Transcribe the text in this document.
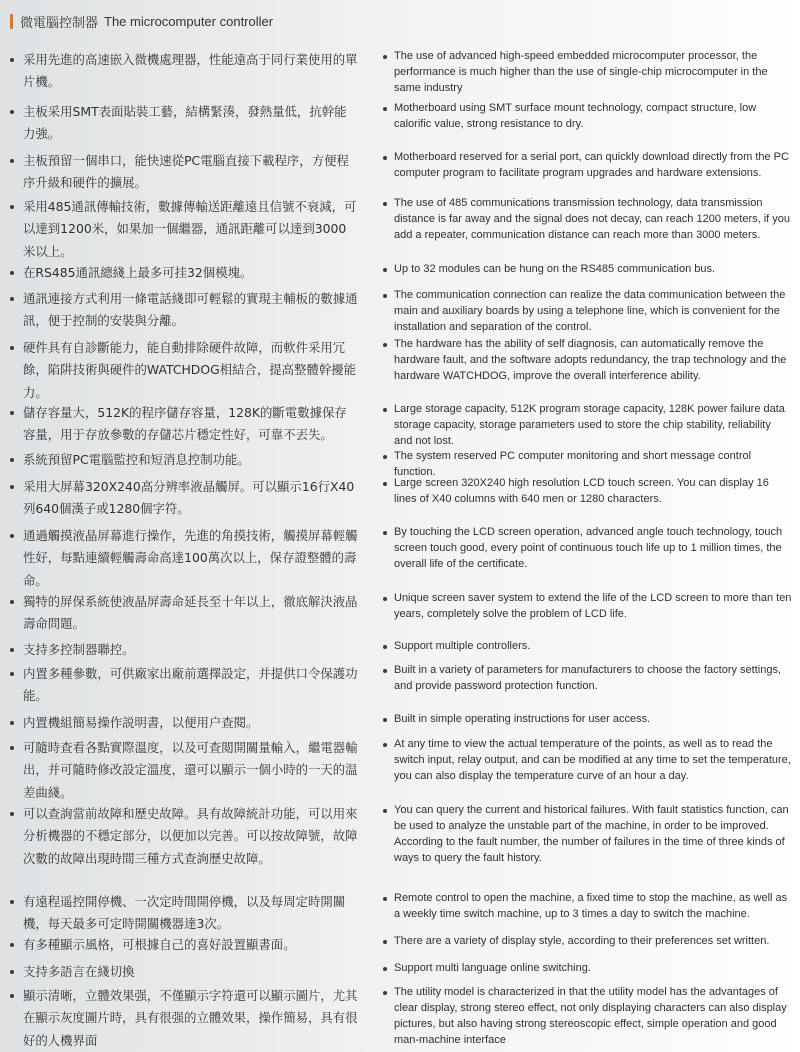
微電腦控制器 The microcomputer controller
采用先進的高速嵌入微機處理器，性能遠高于同行業使用的單片機。
主板采用SMT表面貼裝工藝，結構緊湊，發熱量低，抗幹能力強。
主板預留一個串口，能快速從PC電腦直接下載程序，方便程序升級和硬件的擴展。
采用485通訊傳輸技術，數據傳輸送距離遠且信號不衰減，可以達到1200米，如果加一個繼器，通訊距離可以達到3000米以上。
在RS485通訊總綫上最多可挂32個模塊。
通訊連接方式利用一條電話綫即可輕鬆的實現主輔板的數據通訊，便于控制的安裝與分離。
硬件具有自診斷能力，能自動排除硬件故障，而軟件采用冗餘，陷阱技術與硬件的WATCHDOG相結合，提高整體幹擾能力。
儲存容量大，512K的程序儲存容量，128K的斷電數據保存容量，用于存放參數的存儲芯片穩定性好，可靠不丟失。
系統預留PC電腦監控和短消息控制功能。
采用大屏幕320X240高分辨率液晶觸屏。可以顯示16行X40列640個漢子或1280個字符。
通過觸摸液晶屏幕進行操作，先進的角摸技術，觸摸屏幕輕觸性好，每點連續輕觸壽命高達100萬次以上，保存證整體的壽命。
獨特的屏保系統使液晶屏壽命延長至十年以上，徹底解決液晶壽命問題。
支持多控制器聯控。
内置多種參數，可供廠家出廠前選擇設定，并提供口令保護功能。
内置機組簡易操作説明書，以便用户查閱。
可隨時查看各點實際溫度，以及可查閲開關量輸入，繼電器輸出，并可隨時修改設定溫度，還可以顯示一個小時的一天的温差曲綫。
可以查詢當前故障和歷史故障。具有故障統計功能，可以用來分析機器的不穩定部分，以便加以完善。可以按故障號，故障次數的故障出現時間三種方式查詢歷史故障。
有遠程遥控開停機、一次定時間開停機，以及每周定時開關機，每天最多可定時開關機器達3次。
有多種顯示風格，可根據自己的喜好設置顯書面。
支持多語言在綫切換
顯示清晰，立體效果强，不僅顯示字符還可以顯示圖片，尤其在顯示灰度圖片時，具有很强的立體效果，操作簡易，具有很好的人機界面
The use of advanced high-speed embedded microcomputer processor, the performance is much higher than the use of single-chip microcomputer in the same industry
Motherboard using SMT surface mount technology, compact structure, low calorific value, strong resistance to dry.
Motherboard reserved for a serial port, can quickly download directly from the PC computer program to facilitate program upgrades and hardware extensions.
The use of 485 communications transmission technology, data transmission distance is far away and the signal does not decay, can reach 1200 meters, if you add a repeater, communication distance can reach more than 3000 meters.
Up to 32 modules can be hung on the RS485 communication bus.
The communication connection can realize the data communication between the main and auxiliary boards by using a telephone line, which is convenient for the installation and separation of the control.
The hardware has the ability of self diagnosis, can automatically remove the hardware fault, and the software adopts redundancy, the trap technology and the hardware WATCHDOG, improve the overall interference ability.
Large storage capacity, 512K program storage capacity, 128K power failure data storage capacity, storage parameters used to store the chip stability, reliability and not lost.
The system reserved PC computer monitoring and short message control function.
Large screen 320X240 high resolution LCD touch screen. You can display 16 lines of X40 columns with 640 men or 1280 characters.
By touching the LCD screen operation, advanced angle touch technology, touch screen touch good, every point of continuous touch life up to 1 million times, the overall life of the certificate.
Unique screen saver system to extend the life of the LCD screen to more than ten years, completely solve the problem of LCD life.
Support multiple controllers.
Built in a variety of parameters for manufacturers to choose the factory settings, and provide password protection function.
Built in simple operating instructions for user access.
At any time to view the actual temperature of the points, as well as to read the switch input, relay output, and can be modified at any time to set the temperature, you can also display the temperature curve of an hour a day.
You can query the current and historical failures. With fault statistics function, can be used to analyze the unstable part of the machine, in order to be improved. According to the fault number, the number of failures in the time of three kinds of ways to query the fault history.
Remote control to open the machine, a fixed time to stop the machine, as well as a weekly time switch machine, up to 3 times a day to switch the machine.
There are a variety of display style, according to their preferences set written.
Support multi language online switching.
The utility model is characterized in that the utility model has the advantages of clear display, strong stereo effect, not only displaying characters can also display pictures, but also having strong stereoscopic effect, simple operation and good man-machine interface
